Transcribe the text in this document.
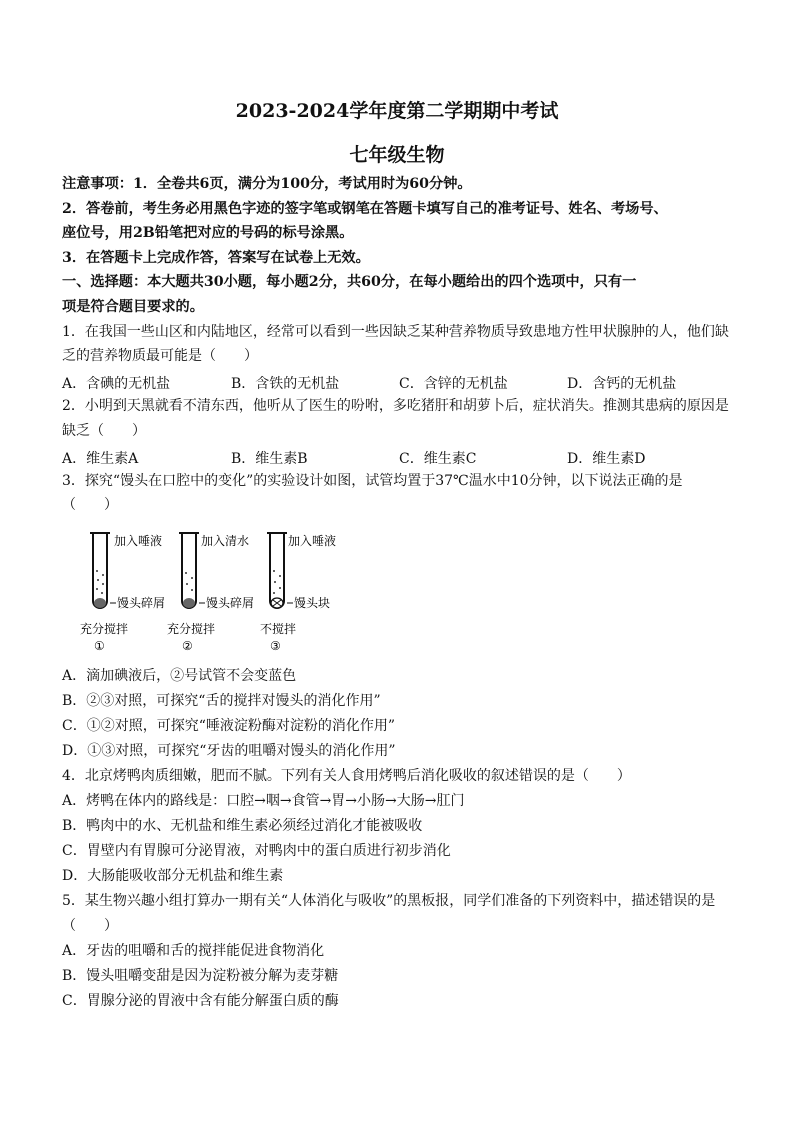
2023-2024学年度第二学期期中考试
七年级生物
注意事项：1．全卷共6页，满分为100分，考试用时为60分钟。
2．答卷前，考生务必用黑色字迹的签字笔或钢笔在答题卡填写自己的准考证号、姓名、考场号、
座位号，用2B铅笔把对应的号码的标号涂黑。
3．在答题卡上完成作答，答案写在试卷上无效。
一、选择题：本大题共30小题，每小题2分，共60分，在每小题给出的四个选项中，只有一
项是符合题目要求的。
1．在我国一些山区和内陆地区，经常可以看到一些因缺乏某种营养物质导致患地方性甲状腺肿的人，他们缺
乏的营养物质最可能是（　　）
A．含碘的无机盐	B．含铁的无机盐	C．含锌的无机盐	D．含钙的无机盐
2．小明到天黑就看不清东西，他听从了医生的吩咐，多吃猪肝和胡萝卜后，症状消失。推测其患病的原因是
缺乏（　　）
A．维生素A	B．维生素B	C．维生素C	D．维生素D
3．探究“馒头在口腔中的变化”的实验设计如图，试管均置于37℃温水中10分钟，以下说法正确的是
（　　）
加入唾液
馒头碎屑
充分搅拌
①
加入清水
馒头碎屑
充分搅拌
②
加入唾液
馒头块
不搅拌
③
A．滴加碘液后，②号试管不会变蓝色
B．②③对照，可探究“舌的搅拌对馒头的消化作用”
C．①②对照，可探究“唾液淀粉酶对淀粉的消化作用”
D．①③对照，可探究“牙齿的咀嚼对馒头的消化作用”
4．北京烤鸭肉质细嫩，肥而不腻。下列有关人食用烤鸭后消化吸收的叙述错误的是（　　）
A．烤鸭在体内的路线是：口腔→咽→食管→胃→小肠→大肠→肛门
B．鸭肉中的水、无机盐和维生素必须经过消化才能被吸收
C．胃壁内有胃腺可分泌胃液，对鸭肉中的蛋白质进行初步消化
D．大肠能吸收部分无机盐和维生素
5．某生物兴趣小组打算办一期有关“人体消化与吸收”的黑板报，同学们准备的下列资料中，描述错误的是
（　　）
A．牙齿的咀嚼和舌的搅拌能促进食物消化
B．馒头咀嚼变甜是因为淀粉被分解为麦芽糖
C．胃腺分泌的胃液中含有能分解蛋白质的酶
